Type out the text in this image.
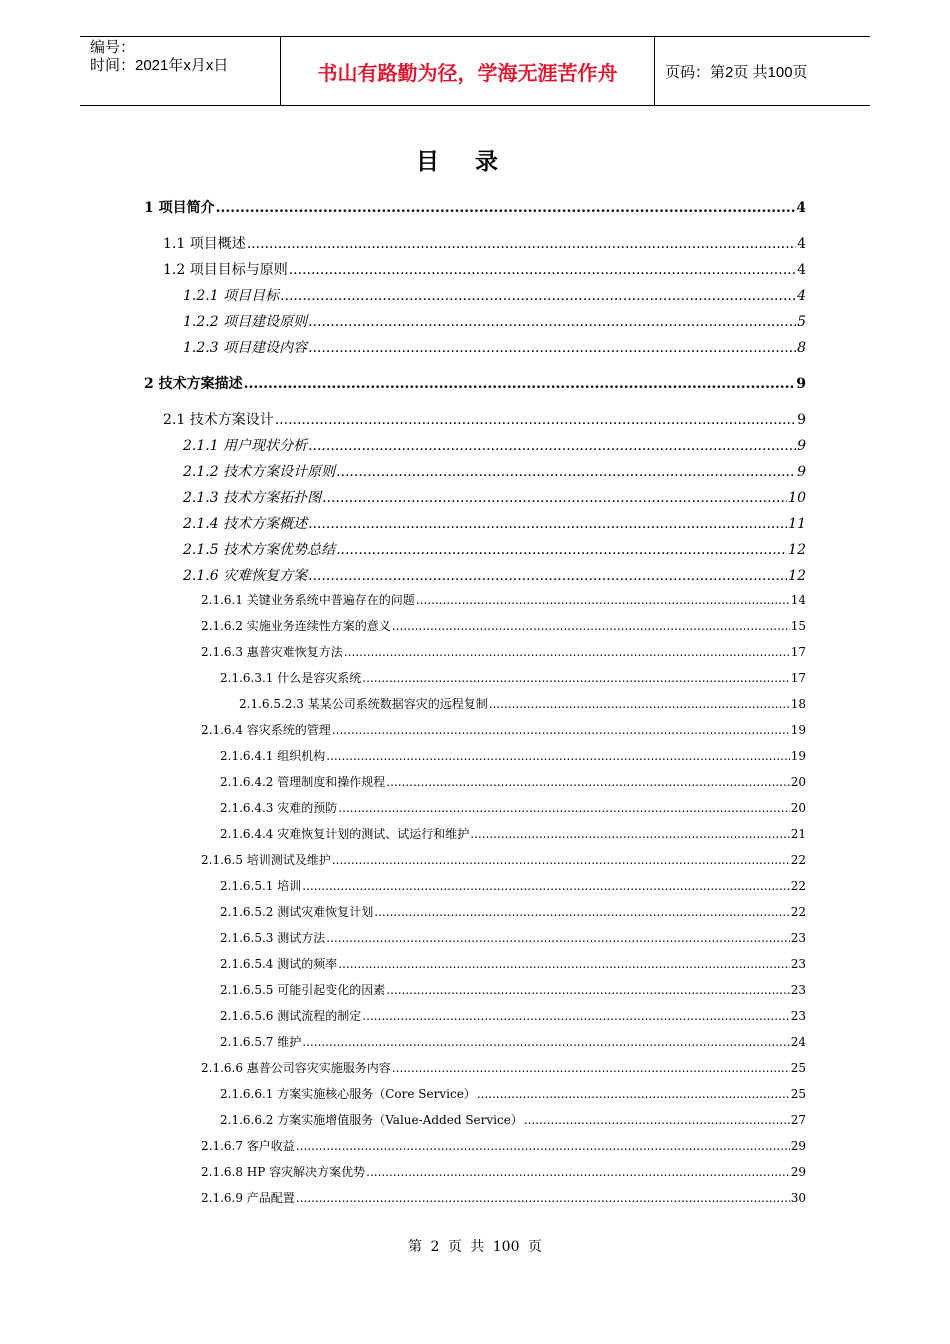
编号：
时间：2021年x月x日	书山有路勤为径，学海无涯苦作舟	页码：第2页 共100页
目录
1 项目简介 .....	4
1.1 项目概述 .....	4
1.2 项目目标与原则 .....	4
1.2.1 项目目标 .....	4
1.2.2 项目建设原则 .....	5
1.2.3 项目建设内容 .....	8
2 技术方案描述 .....	9
2.1 技术方案设计 .....	9
2.1.1 用户现状分析 .....	9
2.1.2 技术方案设计原则 .....	9
2.1.3 技术方案拓扑图 .....	10
2.1.4 技术方案概述 .....	11
2.1.5 技术方案优势总结 .....	12
2.1.6 灾难恢复方案 .....	12
2.1.6.1 关键业务系统中普遍存在的问题 .....	14
2.1.6.2 实施业务连续性方案的意义 .....	15
2.1.6.3 惠普灾难恢复方法 .....	17
2.1.6.3.1 什么是容灾系统 .....	17
2.1.6.5.2.3 某某公司系统数据容灾的远程复制 .....	18
2.1.6.4 容灾系统的管理 .....	19
2.1.6.4.1 组织机构 .....	19
2.1.6.4.2 管理制度和操作规程 .....	20
2.1.6.4.3 灾难的预防 .....	20
2.1.6.4.4 灾难恢复计划的测试、试运行和维护 .....	21
2.1.6.5 培训测试及维护 .....	22
2.1.6.5.1 培训 .....	22
2.1.6.5.2 测试灾难恢复计划 .....	22
2.1.6.5.3 测试方法 .....	23
2.1.6.5.4 测试的频率 .....	23
2.1.6.5.5 可能引起变化的因素 .....	23
2.1.6.5.6 测试流程的制定 .....	23
2.1.6.5.7 维护 .....	24
2.1.6.6 惠普公司容灾实施服务内容 .....	25
2.1.6.6.1 方案实施核心服务（Core Service） .....	25
2.1.6.6.2 方案实施增值服务（Value-Added Service） .....	27
2.1.6.7 客户收益 .....	29
2.1.6.8 HP 容灾解决方案优势 .....	29
2.1.6.9 产品配置 .....	30
第 2 页 共 100 页
